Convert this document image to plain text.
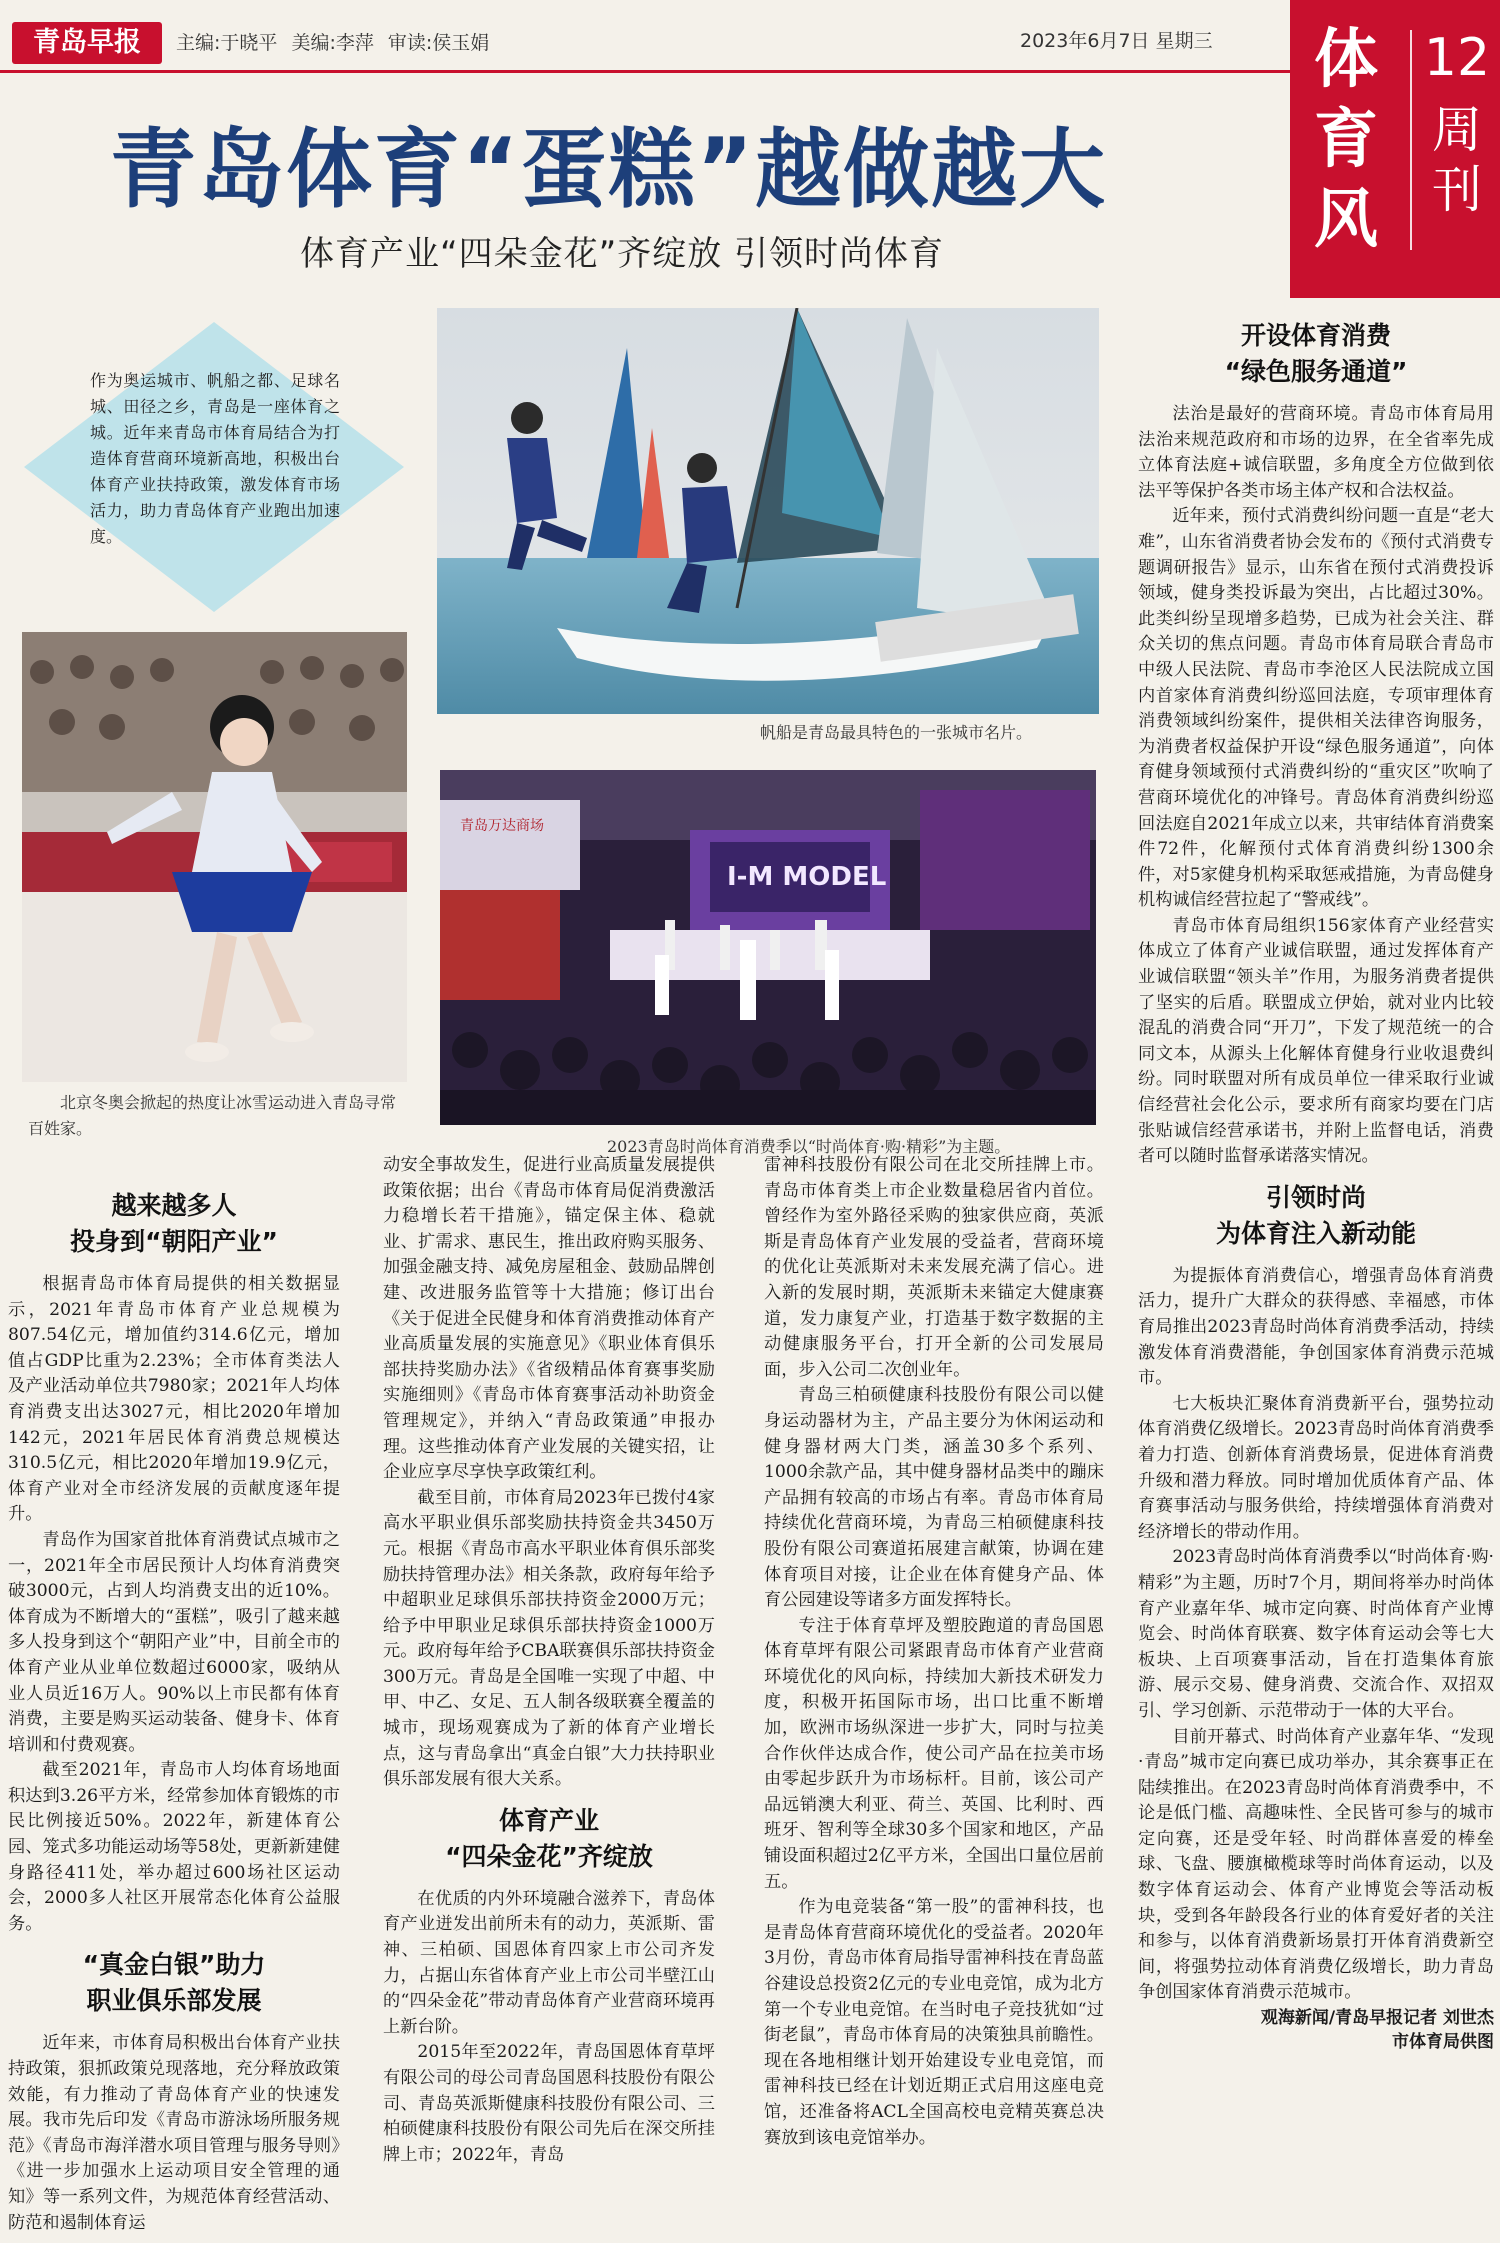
青岛早报	主编:于晓平 美编:李萍 审读:侯玉娟	2023年6月7日 星期三 体育风
12
周刊
青岛体育“蛋糕”越做越大
体育产业“四朵金花”齐绽放 引领时尚体育
作为奥运城市、帆船之都、足球名城、田径之乡，青岛是一座体育之城。近年来青岛市体育局结合为打造体育营商环境新高地，积极出台体育产业扶持政策，激发体育市场活力，助力青岛体育产业跑出加速度。
帆船是青岛最具特色的一张城市名片。
北京冬奥会掀起的热度让冰雪运动进入青岛寻常百姓家。
青岛万达商场
I-M MODEL
2023青岛时尚体育消费季以“时尚体育·购·精彩”为主题。
越来越多人
投身到“朝阳产业”

根据青岛市体育局提供的相关数据显示，2021年青岛市体育产业总规模为807.54亿元，增加值约314.6亿元，增加值占GDP比重为2.23%；全市体育类法人及产业活动单位共7980家；2021年人均体育消费支出达3027元，相比2020年增加142元，2021年居民体育消费总规模达310.5亿元，相比2020年增加19.9亿元，体育产业对全市经济发展的贡献度逐年提升。

青岛作为国家首批体育消费试点城市之一，2021年全市居民预计人均体育消费突破3000元，占到人均消费支出的近10%。体育成为不断增大的“蛋糕”，吸引了越来越多人投身到这个“朝阳产业”中，目前全市的体育产业从业单位数超过6000家，吸纳从业人员近16万人。90%以上市民都有体育消费，主要是购买运动装备、健身卡、体育培训和付费观赛。

截至2021年，青岛市人均体育场地面积达到3.26平方米，经常参加体育锻炼的市民比例接近50%。2022年，新建体育公园、笼式多功能运动场等58处，更新新建健身路径411处，举办超过600场社区运动会，2000多人社区开展常态化体育公益服务。

“真金白银”助力
职业俱乐部发展

近年来，市体育局积极出台体育产业扶持政策，狠抓政策兑现落地，充分释放政策效能，有力推动了青岛体育产业的快速发展。我市先后印发《青岛市游泳场所服务规范》《青岛市海洋潜水项目管理与服务导则》《进一步加强水上运动项目安全管理的通知》等一系列文件，为规范体育经营活动、防范和遏制体育运

动安全事故发生，促进行业高质量发展提供政策依据；出台《青岛市体育局促消费激活力稳增长若干措施》，锚定保主体、稳就业、扩需求、惠民生，推出政府购买服务、加强金融支持、减免房屋租金、鼓励品牌创建、改进服务监管等十大措施；修订出台《关于促进全民健身和体育消费推动体育产业高质量发展的实施意见》《职业体育俱乐部扶持奖励办法》《省级精品体育赛事奖励实施细则》《青岛市体育赛事活动补助资金管理规定》，并纳入“青岛政策通”申报办理。这些推动体育产业发展的关键实招，让企业应享尽享快享政策红利。

截至目前，市体育局2023年已拨付4家高水平职业俱乐部奖励扶持资金共3450万元。根据《青岛市高水平职业体育俱乐部奖励扶持管理办法》相关条款，政府每年给予中超职业足球俱乐部扶持资金2000万元；给予中甲职业足球俱乐部扶持资金1000万元。政府每年给予CBA联赛俱乐部扶持资金300万元。青岛是全国唯一实现了中超、中甲、中乙、女足、五人制各级联赛全覆盖的城市，现场观赛成为了新的体育产业增长点，这与青岛拿出“真金白银”大力扶持职业俱乐部发展有很大关系。

体育产业
“四朵金花”齐绽放

在优质的内外环境融合滋养下，青岛体育产业迸发出前所未有的动力，英派斯、雷神、三柏硕、国恩体育四家上市公司齐发力，占据山东省体育产业上市公司半壁江山的“四朵金花”带动青岛体育产业营商环境再上新台阶。

2015年至2022年，青岛国恩体育草坪有限公司的母公司青岛国恩科技股份有限公司、青岛英派斯健康科技股份有限公司、三柏硕健康科技股份有限公司先后在深交所挂牌上市；2022年，青岛

雷神科技股份有限公司在北交所挂牌上市。青岛市体育类上市企业数量稳居省内首位。曾经作为室外路径采购的独家供应商，英派斯是青岛体育产业发展的受益者，营商环境的优化让英派斯对未来发展充满了信心。进入新的发展时期，英派斯未来锚定大健康赛道，发力康复产业，打造基于数字数据的主动健康服务平台，打开全新的公司发展局面，步入公司二次创业年。

青岛三柏硕健康科技股份有限公司以健身运动器材为主，产品主要分为休闲运动和健身器材两大门类，涵盖30多个系列、1000余款产品，其中健身器材品类中的蹦床产品拥有较高的市场占有率。青岛市体育局持续优化营商环境，为青岛三柏硕健康科技股份有限公司赛道拓展建言献策，协调在建体育项目对接，让企业在体育健身产品、体育公园建设等诸多方面发挥特长。

专注于体育草坪及塑胶跑道的青岛国恩体育草坪有限公司紧跟青岛市体育产业营商环境优化的风向标，持续加大新技术研发力度，积极开拓国际市场，出口比重不断增加，欧洲市场纵深进一步扩大，同时与拉美合作伙伴达成合作，使公司产品在拉美市场由零起步跃升为市场标杆。目前，该公司产品远销澳大利亚、荷兰、英国、比利时、西班牙、智利等全球30多个国家和地区，产品铺设面积超过2亿平方米，全国出口量位居前五。

作为电竞装备“第一股”的雷神科技，也是青岛体育营商环境优化的受益者。2020年3月份，青岛市体育局指导雷神科技在青岛蓝谷建设总投资2亿元的专业电竞馆，成为北方第一个专业电竞馆。在当时电子竞技犹如“过街老鼠”，青岛市体育局的决策独具前瞻性。现在各地相继计划开始建设专业电竞馆，而雷神科技已经在计划近期正式启用这座电竞馆，还准备将ACL全国高校电竞精英赛总决赛放到该电竞馆举办。

开设体育消费
“绿色服务通道”

法治是最好的营商环境。青岛市体育局用法治来规范政府和市场的边界，在全省率先成立体育法庭+诚信联盟，多角度全方位做到依法平等保护各类市场主体产权和合法权益。

近年来，预付式消费纠纷问题一直是“老大难”，山东省消费者协会发布的《预付式消费专题调研报告》显示，山东省在预付式消费投诉领域，健身类投诉最为突出，占比超过30%。此类纠纷呈现增多趋势，已成为社会关注、群众关切的焦点问题。青岛市体育局联合青岛市中级人民法院、青岛市李沧区人民法院成立国内首家体育消费纠纷巡回法庭，专项审理体育消费领域纠纷案件，提供相关法律咨询服务，为消费者权益保护开设“绿色服务通道”，向体育健身领域预付式消费纠纷的“重灾区”吹响了营商环境优化的冲锋号。青岛体育消费纠纷巡回法庭自2021年成立以来，共审结体育消费案件72件，化解预付式体育消费纠纷1300余件，对5家健身机构采取惩戒措施，为青岛健身机构诚信经营拉起了“警戒线”。

青岛市体育局组织156家体育产业经营实体成立了体育产业诚信联盟，通过发挥体育产业诚信联盟“领头羊”作用，为服务消费者提供了坚实的后盾。联盟成立伊始，就对业内比较混乱的消费合同“开刀”，下发了规范统一的合同文本，从源头上化解体育健身行业收退费纠纷。同时联盟对所有成员单位一律采取行业诚信经营社会化公示，要求所有商家均要在门店张贴诚信经营承诺书，并附上监督电话，消费者可以随时监督承诺落实情况。

引领时尚
为体育注入新动能

为提振体育消费信心，增强青岛体育消费活力，提升广大群众的获得感、幸福感，市体育局推出2023青岛时尚体育消费季活动，持续激发体育消费潜能，争创国家体育消费示范城市。

七大板块汇聚体育消费新平台，强势拉动体育消费亿级增长。2023青岛时尚体育消费季着力打造、创新体育消费场景，促进体育消费升级和潜力释放。同时增加优质体育产品、体育赛事活动与服务供给，持续增强体育消费对经济增长的带动作用。

2023青岛时尚体育消费季以“时尚体育·购·精彩”为主题，历时7个月，期间将举办时尚体育产业嘉年华、城市定向赛、时尚体育产业博览会、时尚体育联赛、数字体育运动会等七大板块、上百项赛事活动，旨在打造集体育旅游、展示交易、健身消费、交流合作、双招双引、学习创新、示范带动于一体的大平台。

目前开幕式、时尚体育产业嘉年华、“发现·青岛”城市定向赛已成功举办，其余赛事正在陆续推出。在2023青岛时尚体育消费季中，不论是低门槛、高趣味性、全民皆可参与的城市定向赛，还是受年轻、时尚群体喜爱的棒垒球、飞盘、腰旗橄榄球等时尚体育运动，以及数字体育运动会、体育产业博览会等活动板块，受到各年龄段各行业的体育爱好者的关注和参与，以体育消费新场景打开体育消费新空间，将强势拉动体育消费亿级增长，助力青岛争创国家体育消费示范城市。

观海新闻/青岛早报记者 刘世杰
市体育局供图
